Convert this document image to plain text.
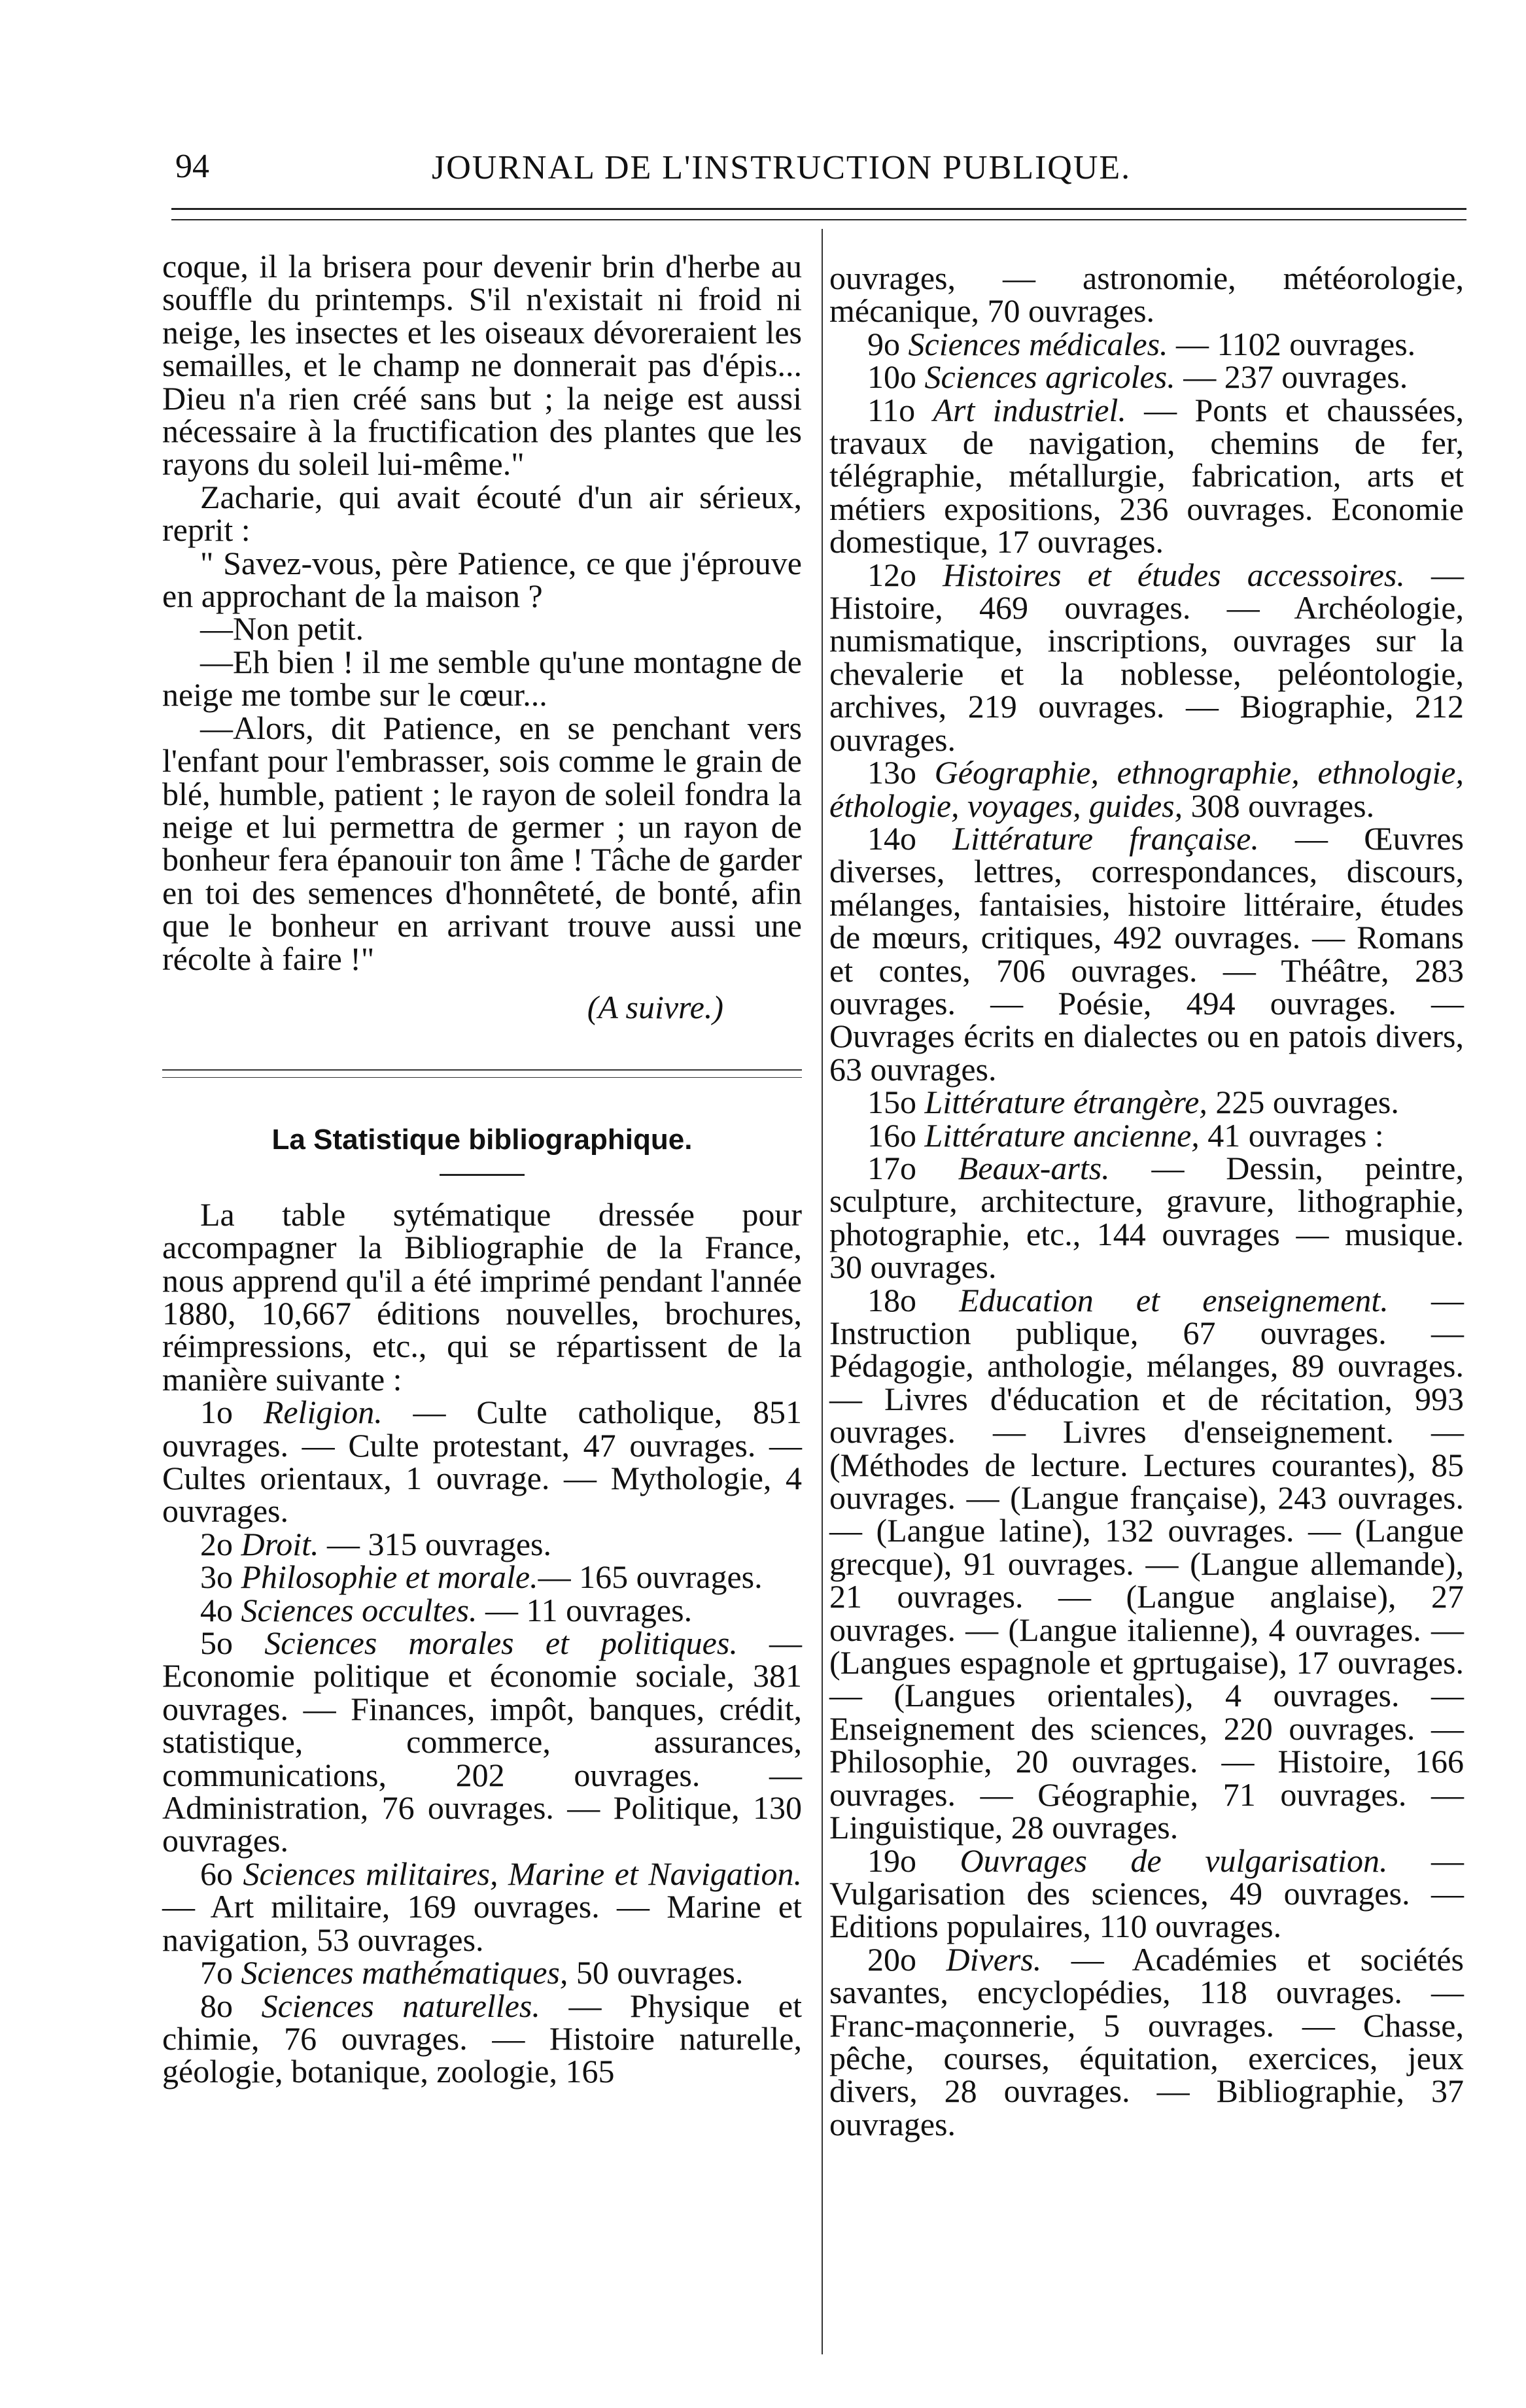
94	JOURNAL DE L'INSTRUCTION PUBLIQUE.

coque, il la brisera pour devenir brin d'herbe au souffle du printemps. S'il n'existait ni froid ni neige, les insectes et les oiseaux dévoreraient les semailles, et le champ ne donnerait pas d'épis... Dieu n'a rien créé sans but ; la neige est aussi nécessaire à la fructification des plantes que les rayons du soleil lui-même."

Zacharie, qui avait écouté d'un air sérieux, reprit :

" Savez-vous, père Patience, ce que j'éprouve en approchant de la maison ?

—Non petit.

—Eh bien ! il me semble qu'une montagne de neige me tombe sur le cœur...

—Alors, dit Patience, en se penchant vers l'enfant pour l'embrasser, sois comme le grain de blé, humble, patient ; le rayon de soleil fondra la neige et lui permettra de germer ; un rayon de bonheur fera épanouir ton âme ! Tâche de garder en toi des semences d'honnêteté, de bonté, afin que le bonheur en arrivant trouve aussi une récolte à faire !"

(A suivre.)

La Statistique bibliographique.

La table sytématique dressée pour accompagner la Bibliographie de la France, nous apprend qu'il a été imprimé pendant l'année 1880, 10,667 éditions nouvelles, brochures, réimpressions, etc., qui se répartissent de la manière suivante :

1o Religion. — Culte catholique, 851 ouvrages. — Culte protestant, 47 ouvrages. — Cultes orientaux, 1 ouvrage. — Mythologie, 4 ouvrages.

2o Droit. — 315 ouvrages.

3o Philosophie et morale.— 165 ouvrages.

4o Sciences occultes. — 11 ouvrages.

5o Sciences morales et politiques. — Economie politique et économie sociale, 381 ouvrages. — Finances, impôt, banques, crédit, statistique, commerce, assurances, communications, 202 ouvrages. — Administration, 76 ouvrages. — Politique, 130 ouvrages.

6o Sciences militaires, Marine et Navigation. — Art militaire, 169 ouvrages. — Marine et navigation, 53 ouvrages.

7o Sciences mathématiques, 50 ouvrages.

8o Sciences naturelles. — Physique et chimie, 76 ouvrages. — Histoire naturelle, géologie, botanique, zoologie, 165

ouvrages, — astronomie, météorologie, mécanique, 70 ouvrages.

9o Sciences médicales. — 1102 ouvrages.

10o Sciences agricoles. — 237 ouvrages.

11o Art industriel. — Ponts et chaussées, travaux de navigation, chemins de fer, télégraphie, métallurgie, fabrication, arts et métiers expositions, 236 ouvrages. Economie domestique, 17 ouvrages.

12o Histoires et études accessoires. — Histoire, 469 ouvrages. — Archéologie, numismatique, inscriptions, ouvrages sur la chevalerie et la noblesse, peléontologie, archives, 219 ouvrages. — Biographie, 212 ouvrages.

13o Géographie, ethnographie, ethnologie, éthologie, voyages, guides, 308 ouvrages.

14o Littérature française. — Œuvres diverses, lettres, correspondances, discours, mélanges, fantaisies, histoire littéraire, études de mœurs, critiques, 492 ouvrages. — Romans et contes, 706 ouvrages. — Théâtre, 283 ouvrages. — Poésie, 494 ouvrages. — Ouvrages écrits en dialectes ou en patois divers, 63 ouvrages.

15o Littérature étrangère, 225 ouvrages.

16o Littérature ancienne, 41 ouvrages :

17o Beaux-arts. — Dessin, peintre, sculpture, architecture, gravure, lithographie, photographie, etc., 144 ouvrages — musique. 30 ouvrages.

18o Education et enseignement. — Instruction publique, 67 ouvrages. — Pédagogie, anthologie, mélanges, 89 ouvrages. — Livres d'éducation et de récitation, 993 ouvrages. — Livres d'enseignement. — (Méthodes de lecture. Lectures courantes), 85 ouvrages. — (Langue française), 243 ouvrages. — (Langue latine), 132 ouvrages. — (Langue grecque), 91 ouvrages. — (Langue allemande), 21 ouvrages. — (Langue anglaise), 27 ouvrages. — (Langue italienne), 4 ouvrages. — (Langues espagnole et gprtugaise), 17 ouvrages. — (Langues orientales), 4 ouvrages. — Enseignement des sciences, 220 ouvrages. — Philosophie, 20 ouvrages. — Histoire, 166 ouvrages. — Géographie, 71 ouvrages. — Linguistique, 28 ouvrages.

19o Ouvrages de vulgarisation. — Vulgarisation des sciences, 49 ouvrages. — Editions populaires, 110 ouvrages.

20o Divers. — Académies et sociétés savantes, encyclopédies, 118 ouvrages. — Franc-maçonnerie, 5 ouvrages. — Chasse, pêche, courses, équitation, exercices, jeux divers, 28 ouvrages. — Bibliographie, 37 ouvrages.
